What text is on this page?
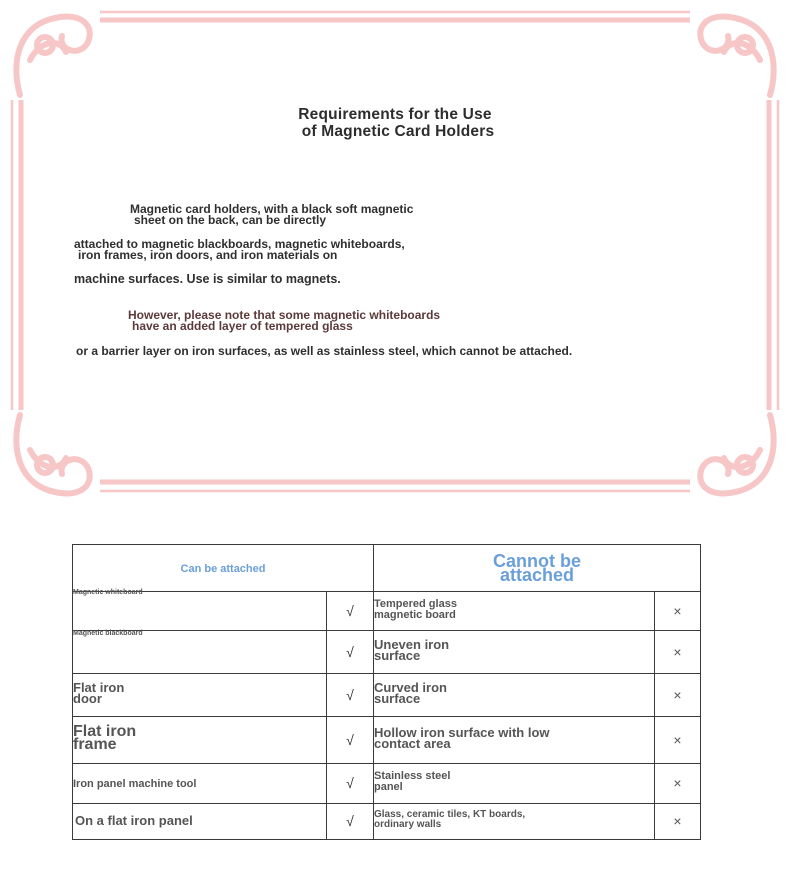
Requirements for the Use
of Magnetic Card Holders
Magnetic card holders, with a black soft magnetic
sheet on the back, can be directly
attached to magnetic blackboards, magnetic whiteboards,
iron frames, iron doors, and iron materials on
machine surfaces. Use is similar to magnets.
However, please note that some magnetic whiteboards
have an added layer of tempered glass
or a barrier layer on iron surfaces, as well as stainless steel, which cannot be attached.
Can be attached		Cannot be attached	

Magnetic whiteboard	√	Tempered glass magnetic board	×

Magnetic blackboard	√	Uneven iron surface	×
Flat iron door	√	Curved iron surface	×
Flat iron frame	√	Hollow iron surface with low contact area	×
Iron panel machine tool	√	Stainless steel panel	×
On a flat iron panel	√	Glass, ceramic tiles, KT boards, ordinary walls	×
